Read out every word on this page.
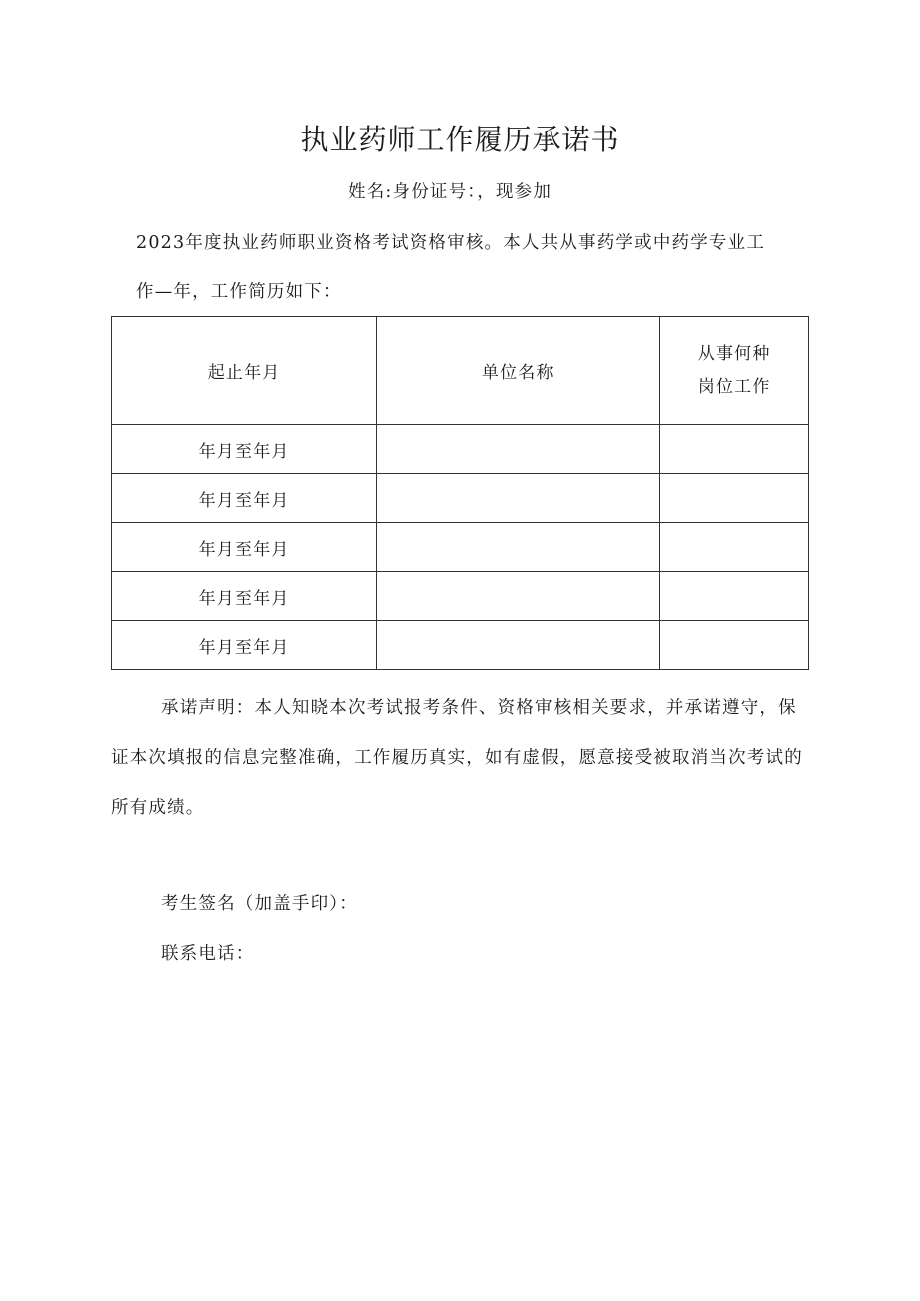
执业药师工作履历承诺书
姓名:身份证号：，现参加
2023年度执业药师职业资格考试资格审核。本人共从事药学或中药学专业工
作—年，工作简历如下：
起止年月	单位名称	从事何种
岗位工作

年月至年月		
年月至年月		
年月至年月		
年月至年月		
年月至年月		

承诺声明：本人知晓本次考试报考条件、资格审核相关要求，并承诺遵守，保证本次填报的信息完整准确，工作履历真实，如有虚假，愿意接受被取消当次考试的所有成绩。

考生签名（加盖手印）：
联系电话：
